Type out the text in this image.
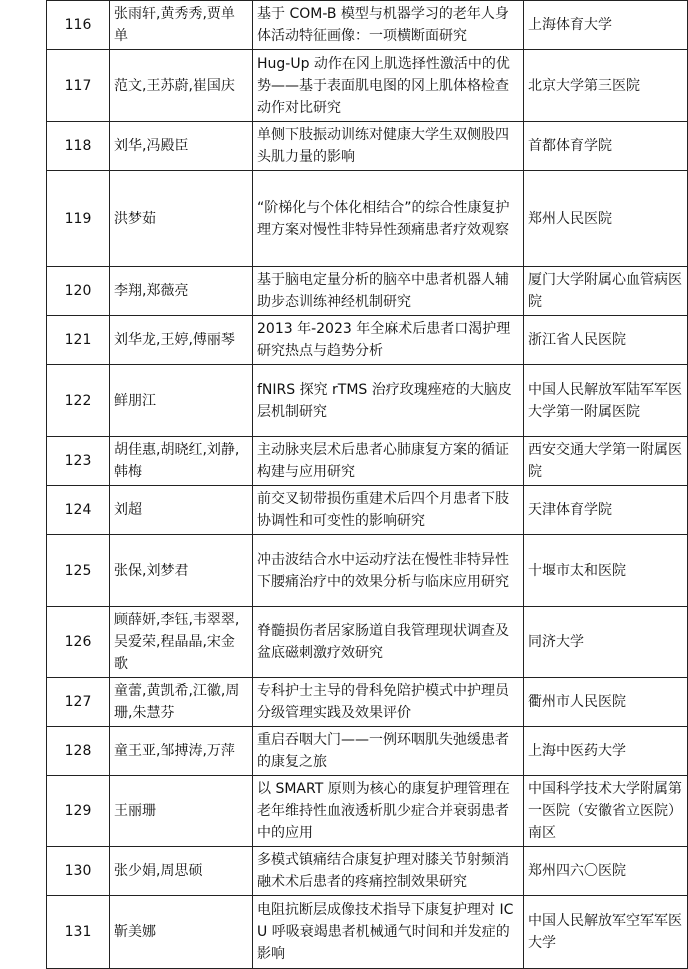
116	张雨轩,黄秀秀,贾单单	基于 COM-B 模型与机器学习的老年人身体活动特征画像：一项横断面研究	上海体育大学
117	范文,王苏蔚,崔国庆	Hug-Up 动作在冈上肌选择性激活中的优势——基于表面肌电图的冈上肌体格检查动作对比研究	北京大学第三医院
118	刘华,冯殿臣	单侧下肢振动训练对健康大学生双侧股四头肌力量的影响	首都体育学院
119	洪梦茹	“阶梯化与个体化相结合”的综合性康复护理方案对慢性非特异性颈痛患者疗效观察	郑州人民医院
120	李翔,郑薇亮	基于脑电定量分析的脑卒中患者机器人辅助步态训练神经机制研究	厦门大学附属心血管病医院
121	刘华龙,王婷,傅丽琴	2013 年-2023 年全麻术后患者口渴护理研究热点与趋势分析	浙江省人民医院
122	鲜朋江	fNIRS 探究 rTMS 治疗玫瑰痤疮的大脑皮层机制研究	中国人民解放军陆军军医大学第一附属医院
123	胡佳惠,胡晓红,刘静,韩梅	主动脉夹层术后患者心肺康复方案的循证构建与应用研究	西安交通大学第一附属医院
124	刘超	前交叉韧带损伤重建术后四个月患者下肢协调性和可变性的影响研究	天津体育学院
125	张保,刘梦君	冲击波结合水中运动疗法在慢性非特异性下腰痛治疗中的效果分析与临床应用研究	十堰市太和医院
126	顾薛妍,李钰,韦翠翠,吴爱荣,程晶晶,宋金歌	脊髓损伤者居家肠道自我管理现状调查及盆底磁刺激疗效研究	同济大学
127	童蕾,黄凯希,江徽,周珊,朱慧芬	专科护士主导的骨科免陪护模式中护理员分级管理实践及效果评价	衢州市人民医院
128	童王亚,邹搏涛,万萍	重启吞咽大门——一例环咽肌失弛缓患者的康复之旅	上海中医药大学
129	王丽珊	以 SMART 原则为核心的康复护理管理在老年维持性血液透析肌少症合并衰弱患者中的应用	中国科学技术大学附属第一医院（安徽省立医院）南区
130	张少娟,周思硕	多模式镇痛结合康复护理对膝关节射频消融术术后患者的疼痛控制效果研究	郑州四六〇医院
131	靳美娜	电阻抗断层成像技术指导下康复护理对 ICU 呼吸衰竭患者机械通气时间和并发症的影响	中国人民解放军空军军医大学
